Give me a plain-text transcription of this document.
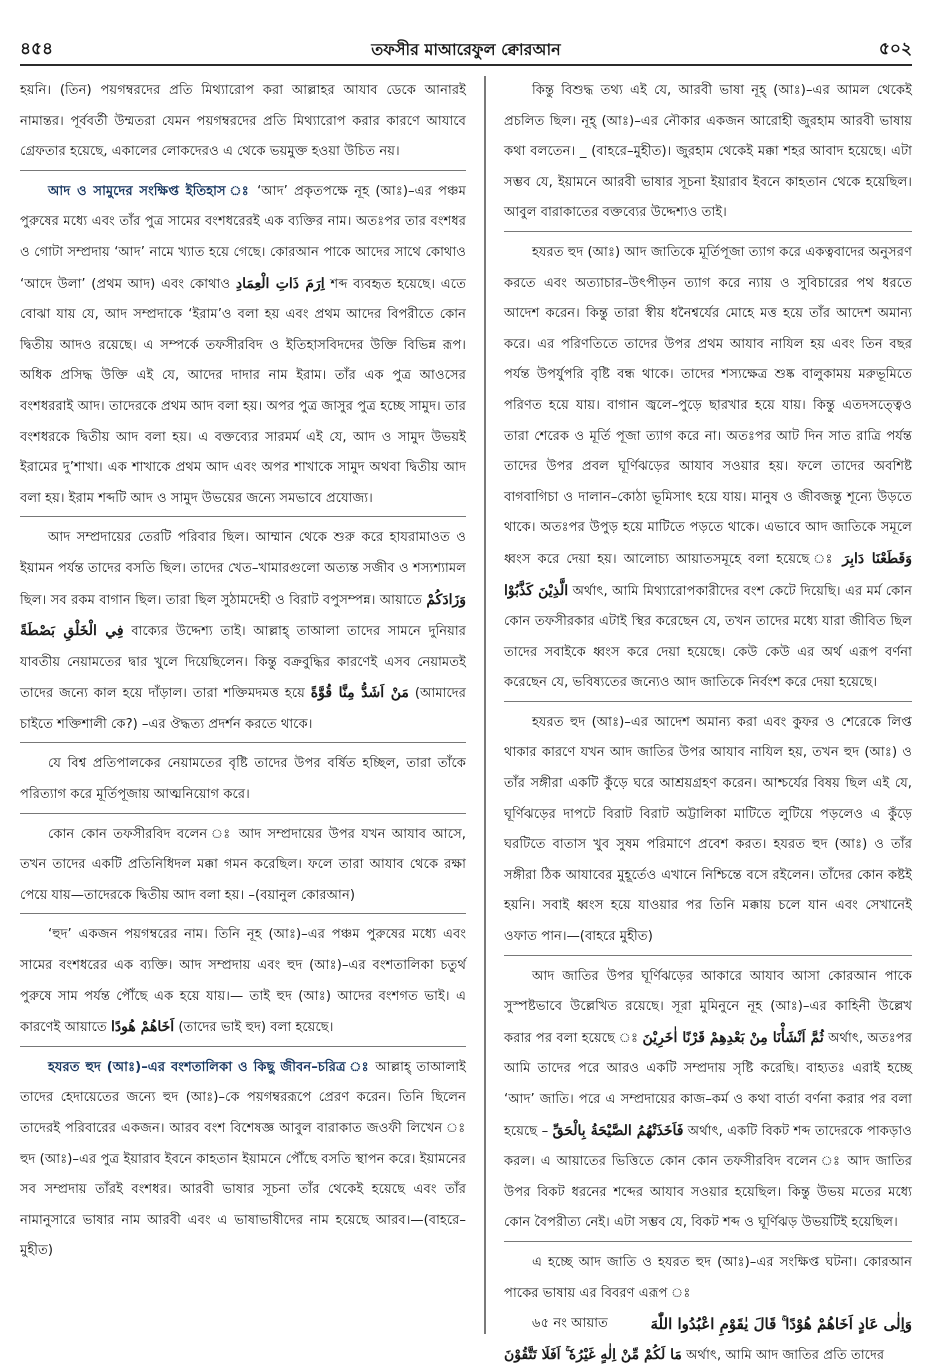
৪৫৪	তফসীর মাআরেফুল ক্বোরআন	৫০২

হয়নি। (তিন) পয়গম্বরদের প্রতি মিথ্যারোপ করা আল্লাহর আযাব ডেকে আনারই নামান্তর। পূর্ববর্তী উম্মতরা যেমন পয়গম্বরদের প্রতি মিথ্যারোপ করার কারণে আযাবে গ্রেফতার হয়েছে, একালের লোকদেরও এ থেকে ভয়মুক্ত হওয়া উচিত নয়।

আদ ও সামুদের সংক্ষিপ্ত ইতিহাস ঃ ‘আদ’ প্রকৃতপক্ষে নূহ (আঃ)–এর পঞ্চম পুরুষের মধ্যে এবং তাঁর পুত্র সামের বংশধরেরই এক ব্যক্তির নাম। অতঃপর তার বংশধর ও গোটা সম্প্রদায় ‘আদ’ নামে খ্যাত হয়ে গেছে। কোরআন পাকে আদের সাথে কোথাও ‘আদে উলা’ (প্রথম আদ) এবং কোথাও اِرَمَ ذَاتِ الْعِمَادِ শব্দ ব্যবহৃত হয়েছে। এতে বোঝা যায় যে, আদ সম্প্রদাকে ‘ইরাম’ও বলা হয় এবং প্রথম আদের বিপরীতে কোন দ্বিতীয় আদও রয়েছে। এ সম্পর্কে তফসীরবিদ ও ইতিহাসবিদদের উক্তি বিভিন্ন রূপ। অধিক প্রসিদ্ধ উক্তি এই যে, আদের দাদার নাম ইরাম। তাঁর এক পুত্র আওসের বংশধররাই আদ। তাদেরকে প্রথম আদ বলা হয়। অপর পুত্র জাসুর পুত্র হচ্ছে সামুদ। তার বংশধরকে দ্বিতীয় আদ বলা হয়। এ বক্তব্যের সারমর্ম এই যে, আদ ও সামুদ উভয়ই ইরামের দু’শাখা। এক শাখাকে প্রথম আদ এবং অপর শাখাকে সামুদ অথবা দ্বিতীয় আদ বলা হয়। ইরাম শব্দটি আদ ও সামুদ উভয়ের জন্যে সমভাবে প্রযোজ্য।

আদ সম্প্রদায়ের তেরটি পরিবার ছিল। আম্মান থেকে শুরু করে হাযরামাওত ও ইয়ামন পর্যন্ত তাদের বসতি ছিল। তাদের খেত–খামারগুলো অত্যন্ত সজীব ও শস্যশ্যামল ছিল। সব রকম বাগান ছিল। তারা ছিল সুঠামদেহী ও বিরাট বপুসম্পন্ন। আয়াতে وَزَادَكُمْ فِي الْخَلْقِ بَصْطَةً বাক্যের উদ্দেশ্য তাই। আল্লাহ্ তাআলা তাদের সামনে দুনিয়ার যাবতীয় নেয়ামতের দ্বার খুলে দিয়েছিলেন। কিন্তু বক্রবুদ্ধির কারণেই এসব নেয়ামতই তাদের জন্যে কাল হয়ে দাঁড়াল। তারা শক্তিমদমত্ত হয়ে مَنْ اَشَدُّ مِنَّا قُوَّةً (আমাদের চাইতে শক্তিশালী কে?) –এর ঔদ্ধত্য প্রদর্শন করতে থাকে।

যে বিশ্ব প্রতিপালকের নেয়ামতের বৃষ্টি তাদের উপর বর্ষিত হচ্ছিল, তারা তাঁকে পরিত্যাগ করে মূর্তিপূজায় আত্মনিয়োগ করে।

কোন কোন তফসীরবিদ বলেন ঃ আদ সম্প্রদায়ের উপর যখন আযাব আসে, তখন তাদের একটি প্রতিনিধিদল মক্কা গমন করেছিল। ফলে তারা আযাব থেকে রক্ষা পেয়ে যায়—তাদেরকে দ্বিতীয় আদ বলা হয়। –(বয়ানুল কোরআন)

‘হুদ’ একজন পয়গম্বরের নাম। তিনি নূহ (আঃ)–এর পঞ্চম পুরুষের মধ্যে এবং সামের বংশধরের এক ব্যক্তি। আদ সম্প্রদায় এবং হুদ (আঃ)–এর বংশতালিকা চতুর্থ পুরুষে সাম পর্যন্ত পৌঁছে এক হয়ে যায়।— তাই হুদ (আঃ) আদের বংশগত ভাই। এ কারণেই আয়াতে اَخَاهُمْ هُودًا (তাদের ভাই হুদ) বলা হয়েছে।

হযরত হুদ (আঃ)–এর বংশতালিকা ও কিছু জীবন–চরিত্র ঃ আল্লাহ্ তাআলাই তাদের হেদায়েতের জন্যে হুদ (আঃ)–কে পয়গম্বররূপে প্রেরণ করেন। তিনি ছিলেন তাদেরই পরিবারের একজন। আরব বংশ বিশেষজ্ঞ আবুল বারাকাত জওফী লিখেন ঃ হুদ (আঃ)–এর পুত্র ইয়ারাব ইবনে কাহতান ইয়ামনে পৌঁছে বসতি স্থাপন করে। ইয়ামনের সব সম্প্রদায় তাঁরই বংশধর। আরবী ভাষার সূচনা তাঁর থেকেই হয়েছে এবং তাঁর নামানুসারে ভাষার নাম আরবী এবং এ ভাষাভাষীদের নাম হয়েছে আরব।—(বাহরে–মুহীত)

কিন্তু বিশুদ্ধ তথ্য এই যে, আরবী ভাষা নূহ্ (আঃ)–এর আমল থেকেই প্রচলিত ছিল। নূহ্ (আঃ)–এর নৌকার একজন আরোহী জুরহাম আরবী ভাষায় কথা বলতেন। _ (বাহরে–মুহীত)। জুরহাম থেকেই মক্কা শহর আবাদ হয়েছে। এটা সম্ভব যে, ইয়ামনে আরবী ভাষার সূচনা ইয়ারাব ইবনে কাহতান থেকে হয়েছিল। আবুল বারাকাতের বক্তব্যের উদ্দেশ্যও তাই।

হযরত হুদ (আঃ) আদ জাতিকে মূর্তিপূজা ত্যাগ করে একত্ববাদের অনুসরণ করতে এবং অত্যাচার–উৎপীড়ন ত্যাগ করে ন্যায় ও সুবিচারের পথ ধরতে আদেশ করেন। কিন্তু তারা স্বীয় ধনৈশ্বর্যের মোহে মত্ত হয়ে তাঁর আদেশ অমান্য করে। এর পরিণতিতে তাদের উপর প্রথম আযাব নাযিল হয় এবং তিন বছর পর্যন্ত উপর্যুপরি বৃষ্টি বন্ধ থাকে। তাদের শস্যক্ষেত্র শুষ্ক বালুকাময় মরুভূমিতে পরিণত হয়ে যায়। বাগান জ্বলে–পুড়ে ছারখার হয়ে যায়। কিন্তু এতদসত্ত্বেও তারা শেরেক ও মূর্তি পূজা ত্যাগ করে না। অতঃপর আট দিন সাত রাত্রি পর্যন্ত তাদের উপর প্রবল ঘূর্ণিঝড়ের আযাব সওয়ার হয়। ফলে তাদের অবশিষ্ট বাগবাগিচা ও দালান–কোঠা ভূমিসাৎ হয়ে যায়। মানুষ ও জীবজন্তু শূন্যে উড়তে থাকে। অতঃপর উপুড় হয়ে মাটিতে পড়তে থাকে। এভাবে আদ জাতিকে সমূলে ধ্বংস করে দেয়া হয়। আলোচ্য আয়াতসমূহে বলা হয়েছে ঃ وَقَطَعْنَا دَابِرَ الَّذِيْنَ كَذَّبُوْا অর্থাৎ, আমি মিথ্যারোপকারীদের বংশ কেটে দিয়েছি। এর মর্ম কোন কোন তফসীরকার এটাই স্থির করেছেন যে, তখন তাদের মধ্যে যারা জীবিত ছিল তাদের সবাইকে ধ্বংস করে দেয়া হয়েছে। কেউ কেউ এর অর্থ এরূপ বর্ণনা করেছেন যে, ভবিষ্যতের জন্যেও আদ জাতিকে নির্বংশ করে দেয়া হয়েছে।

হযরত হুদ (আঃ)–এর আদেশ অমান্য করা এবং কুফর ও শেরেকে লিপ্ত থাকার কারণে যখন আদ জাতির উপর আযাব নাযিল হয়, তখন হুদ (আঃ) ও তাঁর সঙ্গীরা একটি কুঁড়ে ঘরে আশ্রয়গ্রহণ করেন। আশ্চর্যের বিষয় ছিল এই যে, ঘূর্ণিঝড়ের দাপটে বিরাট বিরাট অট্টালিকা মাটিতে লুটিয়ে পড়লেও এ কুঁড়ে ঘরটিতে বাতাস খুব সুষম পরিমাণে প্রবেশ করত। হযরত হুদ (আঃ) ও তাঁর সঙ্গীরা ঠিক আযাবের মুহূর্তেও এখানে নিশ্চিন্তে বসে রইলেন। তাঁদের কোন কষ্টই হয়নি। সবাই ধ্বংস হয়ে যাওয়ার পর তিনি মক্কায় চলে যান এবং সেখানেই ওফাত পান।—(বাহরে মুহীত)

আদ জাতির উপর ঘূর্ণিঝড়ের আকারে আযাব আসা কোরআন পাকে সুস্পষ্টভাবে উল্লেখিত রয়েছে। সূরা মুমিনুনে নূহ (আঃ)–এর কাহিনী উল্লেখ করার পর বলা হয়েছে ঃ ثُمَّ اَنْشَأْنَا مِنْ بَعْدِهِمْ قَرْنًا اٰخَرِيْنَ অর্থাৎ, অতঃপর আমি তাদের পরে আরও একটি সম্প্রদায় সৃষ্টি করেছি। বাহ্যতঃ এরাই হচ্ছে ‘আদ’ জাতি। পরে এ সম্প্রদায়ের কাজ–কর্ম ও কথা বার্তা বর্ণনা করার পর বলা হয়েছে – فَاَخَذَتْهُمُ الصَّيْحَةُ بِالْحَقِّ অর্থাৎ, একটি বিকট শব্দ তাদেরকে পাকড়াও করল। এ আয়াতের ভিত্তিতে কোন কোন তফসীরবিদ বলেন ঃ আদ জাতির উপর বিকট ধরনের শব্দের আযাব সওয়ার হয়েছিল। কিন্তু উভয় মতের মধ্যে কোন বৈপরীত্য নেই। এটা সম্ভব যে, বিকট শব্দ ও ঘূর্ণিঝড় উভয়টিই হয়েছিল।

এ হচ্ছে আদ জাতি ও হযরত হুদ (আঃ)–এর সংক্ষিপ্ত ঘটনা। কোরআন পাকের ভাষায় এর বিবরণ এরূপ ঃ

৬৫ নং আয়াত	وَاِلٰى عَادٍ اَخَاهُمْ هُوْدًا ۚ قَالَ يٰقَوْمِ اعْبُدُوا اللّٰهَ

مَا لَكُمْ مِّنْ اِلٰهٍ غَيْرُهٗ ۚ اَفَلَا تَتَّقُوْنَ অর্থাৎ, আমি আদ জাতির প্রতি তাদের
